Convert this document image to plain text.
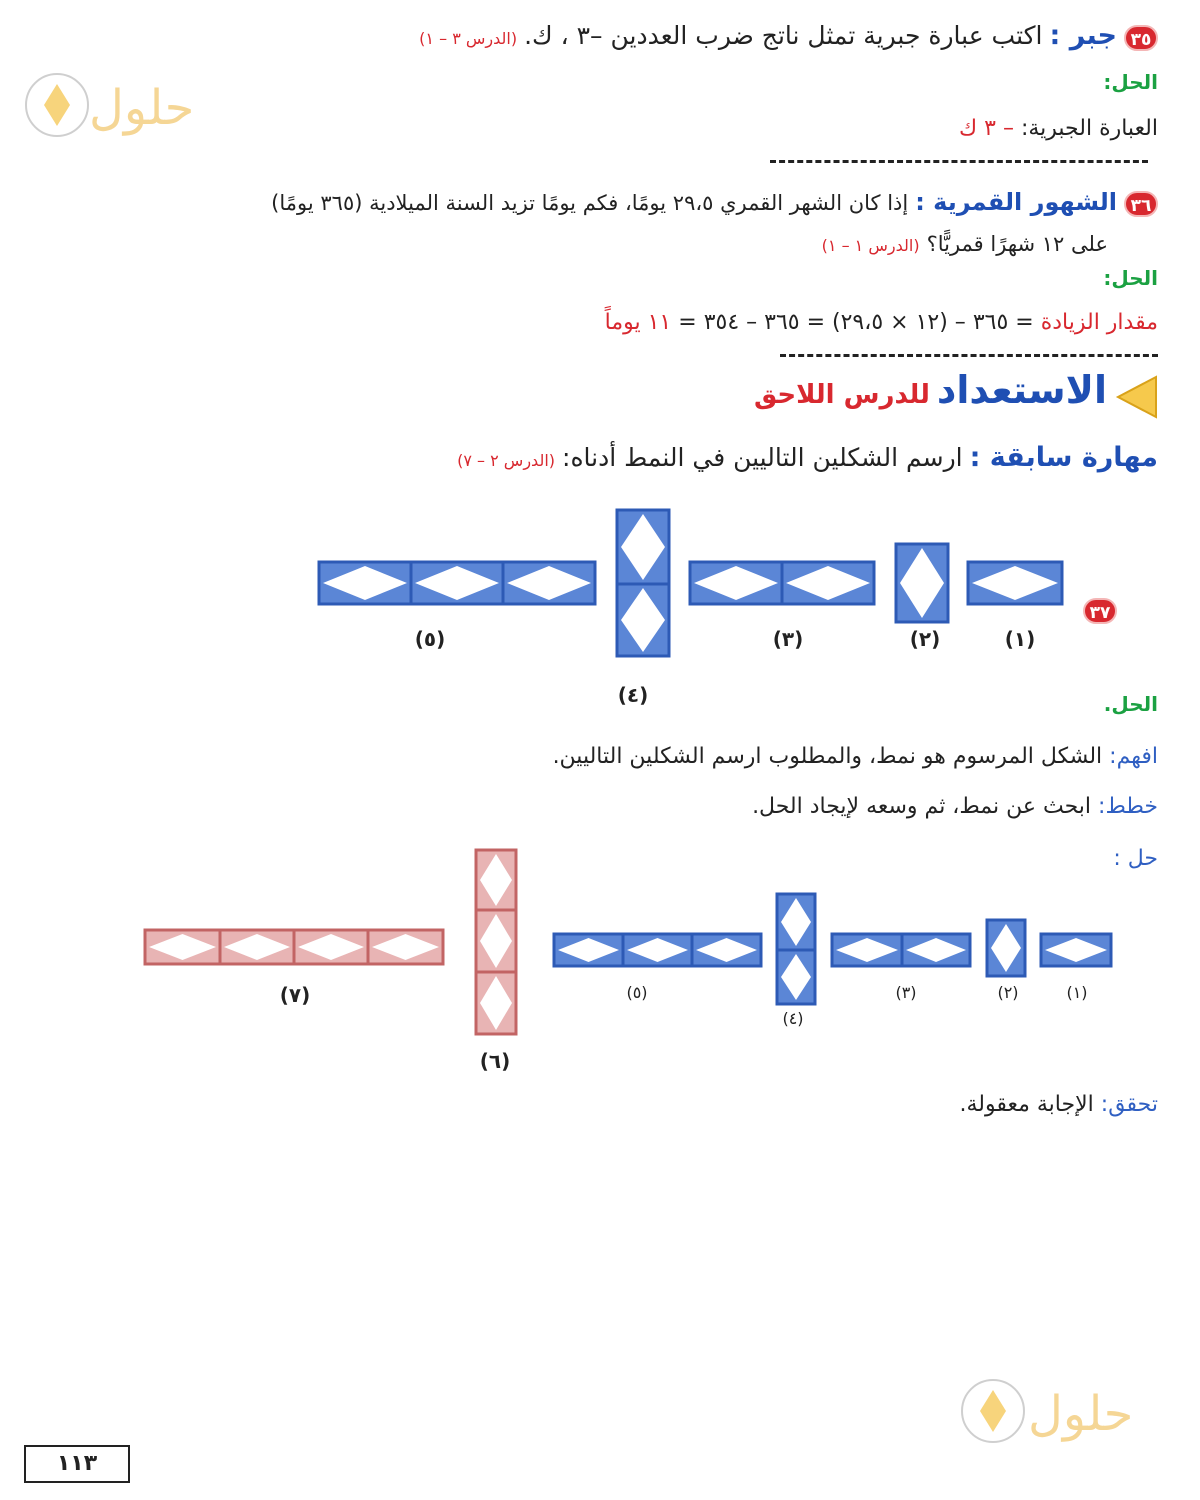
حلول
حلول
٣٥ جبر : اكتب عبارة جبرية تمثل ناتج ضرب العددين –٣ ، ك. (الدرس ٣ – ١)
الحل:
العبارة الجبرية: – ٣ ك
٣٦ الشهور القمرية : إذا كان الشهر القمري ٢٩،٥ يومًا، فكم يومًا تزيد السنة الميلادية (٣٦٥ يومًا)
على ١٢ شهرًا قمريًّا؟ (الدرس ١ – ١)
الحل:
مقدار الزيادة = ٣٦٥ – (١٢ × ٢٩،٥) = ٣٦٥ – ٣٥٤ = ١١ يوماً
الاستعداد للدرس اللاحق
مهارة سابقة : ارسم الشكلين التاليين في النمط أدناه: (الدرس ٢ – ٧)
(١)
(٢)
(٣)
(٤)
(٥)
٣٧
الحل.
افهم: الشكل المرسوم هو نمط، والمطلوب ارسم الشكلين التاليين.
خطط: ابحث عن نمط، ثم وسعه لإيجاد الحل.
حل :
(١)
(٢)
(٣)
(٤)
(٥)
(٦)
(٧)
تحقق: الإجابة معقولة.
١١٣
